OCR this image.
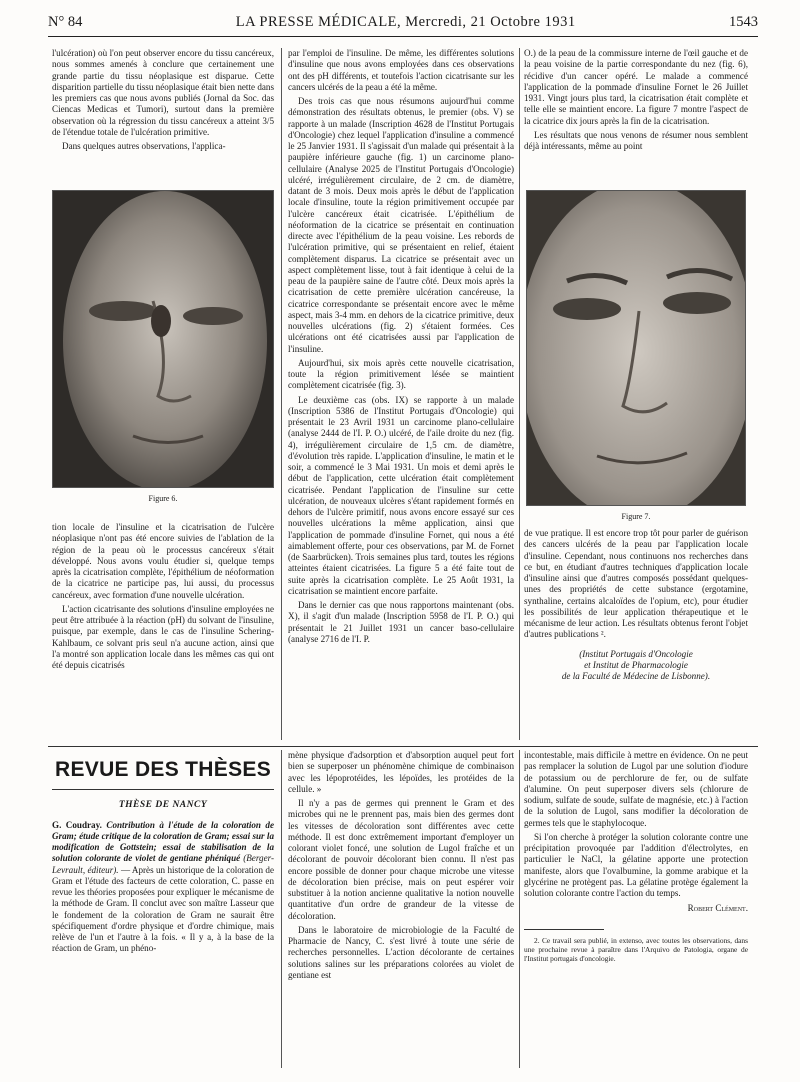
N° 84	LA PRESSE MÉDICALE, Mercredi, 21 Octobre 1931	1543

l'ulcération) où l'on peut observer encore du tissu cancéreux, nous sommes amenés à conclure que certainement une grande partie du tissu néoplasique est disparue. Cette disparition partielle du tissu néoplasique était bien nette dans les premiers cas que nous avons publiés (Jornal da Soc. das Ciencas Medicas et Tumori), surtout dans la première observation où la régression du tissu cancéreux a atteint 3/5 de l'étendue totale de l'ulcération primitive.

Dans quelques autres observations, l'applica-

Figure 6.

tion locale de l'insuline et la cicatrisation de l'ulcère néoplasique n'ont pas été encore suivies de l'ablation de la région de la peau où le processus cancéreux s'était développé. Nous avons voulu étudier si, quelque temps après la cicatrisation complète, l'épithélium de néoformation de la cicatrice ne participe pas, lui aussi, du processus cancéreux, avec formation d'une nouvelle ulcération.

L'action cicatrisante des solutions d'insuline employées ne peut être attribuée à la réaction (pH) du solvant de l'insuline, puisque, par exemple, dans le cas de l'insuline Schering-Kahlbaum, ce solvant pris seul n'a aucune action, ainsi que l'a montré son application locale dans les mêmes cas qui ont été depuis cicatrisés

par l'emploi de l'insuline. De même, les différentes solutions d'insuline que nous avons employées dans ces observations ont des pH différents, et toutefois l'action cicatrisante sur les cancers ulcérés de la peau a été la même.

Des trois cas que nous résumons aujourd'hui comme démonstration des résultats obtenus, le premier (obs. V) se rapporte à un malade (Inscription 4628 de l'Institut Portugais d'Oncologie) chez lequel l'application d'insuline a commencé le 25 Janvier 1931. Il s'agissait d'un malade qui présentait à la paupière inférieure gauche (fig. 1) un carcinome plano-cellulaire (Analyse 2025 de l'Institut Portugais d'Oncologie) ulcéré, irrégulièrement circulaire, de 2 cm. de diamètre, datant de 3 mois. Deux mois après le début de l'application locale d'insuline, toute la région primitivement occupée par l'ulcère cancéreux était cicatrisée. L'épithélium de néoformation de la cicatrice se présentait en continuation directe avec l'épithélium de la peau voisine. Les rebords de l'ulcération primitive, qui se présentaient en relief, étaient complètement disparus. La cicatrice se présentait avec un aspect complètement lisse, tout à fait identique à celui de la peau de la paupière saine de l'autre côté. Deux mois après la cicatrisation de cette première ulcération cancéreuse, la cicatrice correspondante se présentait encore avec le même aspect, mais 3-4 mm. en dehors de la cicatrice primitive, deux nouvelles ulcérations (fig. 2) s'étaient formées. Ces ulcérations ont été cicatrisées aussi par l'application de l'insuline.

Aujourd'hui, six mois après cette nouvelle cicatrisation, toute la région primitivement lésée se maintient complètement cicatrisée (fig. 3).

Le deuxième cas (obs. IX) se rapporte à un malade (Inscription 5386 de l'Institut Portugais d'Oncologie) qui présentait le 23 Avril 1931 un carcinome plano-cellulaire (analyse 2444 de l'I. P. O.) ulcéré, de l'aile droite du nez (fig. 4), irrégulièrement circulaire de 1,5 cm. de diamètre, d'évolution très rapide. L'application d'insuline, le matin et le soir, a commencé le 3 Mai 1931. Un mois et demi après le début de l'application, cette ulcération était complètement cicatrisée. Pendant l'application de l'insuline sur cette ulcération, de nouveaux ulcères s'étant rapidement formés en dehors de l'ulcère primitif, nous avons encore essayé sur ces nouvelles ulcérations la même application, ainsi que l'application de pommade d'insuline Fornet, qui nous a été aimablement offerte, pour ces observations, par M. de Fornet (de Saarbrücken). Trois semaines plus tard, toutes les régions atteintes étaient cicatrisées. La figure 5 a été faite tout de suite après la cicatrisation complète. Le 25 Août 1931, la cicatrisation se maintient encore parfaite.

Dans le dernier cas que nous rapportons maintenant (obs. X), il s'agit d'un malade (Inscription 5958 de l'I. P. O.) qui présentait le 21 Juillet 1931 un cancer baso-cellulaire (analyse 2716 de l'I. P.

O.) de la peau de la commissure interne de l'œil gauche et de la peau voisine de la partie correspondante du nez (fig. 6), récidive d'un cancer opéré. Le malade a commencé l'application de la pommade d'insuline Fornet le 26 Juillet 1931. Vingt jours plus tard, la cicatrisation était complète et telle elle se maintient encore. La figure 7 montre l'aspect de la cicatrice dix jours après la fin de la cicatrisation.

Les résultats que nous venons de résumer nous semblent déjà intéressants, même au point

Figure 7.

de vue pratique. Il est encore trop tôt pour parler de guérison des cancers ulcérés de la peau par l'application locale d'insuline. Cependant, nous continuons nos recherches dans ce but, en étudiant d'autres techniques d'application locale d'insuline ainsi que d'autres composés possédant quelques-unes des propriétés de cette substance (ergotamine, synthaline, certains alcaloïdes de l'opium, etc), pour étudier les possibilités de leur application thérapeutique et le mécanisme de leur action. Les résultats obtenus feront l'objet d'autres publications ².

(Institut Portugais d'Oncologie
et Institut de Pharmacologie
de la Faculté de Médecine de Lisbonne).

REVUE DES THÈSES
THÈSE DE NANCY

G. Coudray. Contribution à l'étude de la coloration de Gram; étude critique de la coloration de Gram; essai sur la modification de Gottstein; essai de stabilisation de la solution colorante de violet de gentiane phéniqué (Berger-Levrault, éditeur). — Après un historique de la coloration de Gram et l'étude des facteurs de cette coloration, C. passe en revue les théories proposées pour expliquer le mécanisme de la méthode de Gram. Il conclut avec son maître Lasseur que le fondement de la coloration de Gram ne saurait être spécifiquement d'ordre physique et d'ordre chimique, mais relève de l'un et l'autre à la fois. « Il y a, à la base de la réaction de Gram, un phéno-

mène physique d'adsorption et d'absorption auquel peut fort bien se superposer un phénomène chimique de combinaison avec les lépoprotéides, les lépoïdes, les protéides de la cellule. »

Il n'y a pas de germes qui prennent le Gram et des microbes qui ne le prennent pas, mais bien des germes dont les vitesses de décoloration sont différentes avec cette méthode. Il est donc extrêmement important d'employer un colorant violet foncé, une solution de Lugol fraîche et un décolorant de pouvoir décolorant bien connu. Il n'est pas encore possible de donner pour chaque microbe une vitesse de décoloration bien précise, mais on peut espérer voir substituer à la notion ancienne qualitative la notion nouvelle quantitative d'un ordre de grandeur de la vitesse de décoloration.

Dans le laboratoire de microbiologie de la Faculté de Pharmacie de Nancy, C. s'est livré à toute une série de recherches personnelles. L'action décolorante de certaines solutions salines sur les préparations colorées au violet de gentiane est

incontestable, mais difficile à mettre en évidence. On ne peut pas remplacer la solution de Lugol par une solution d'iodure de potassium ou de perchlorure de fer, ou de sulfate d'alumine. On peut superposer divers sels (chlorure de sodium, sulfate de soude, sulfate de magnésie, etc.) à l'action de la solution de Lugol, sans modifier la décoloration de germes tels que le staphylocoque.

Si l'on cherche à protéger la solution colorante contre une précipitation provoquée par l'addition d'électrolytes, en particulier le NaCl, la gélatine apporte une protection manifeste, alors que l'ovalbumine, la gomme arabique et la glycérine ne protègent pas. La gélatine protège également la solution colorante contre l'action du temps.

Robert Clément.

2. Ce travail sera publié, in extenso, avec toutes les observations, dans une prochaine revue à paraître dans l'Arquivo de Patologia, organe de l'Institut portugais d'oncologie.
